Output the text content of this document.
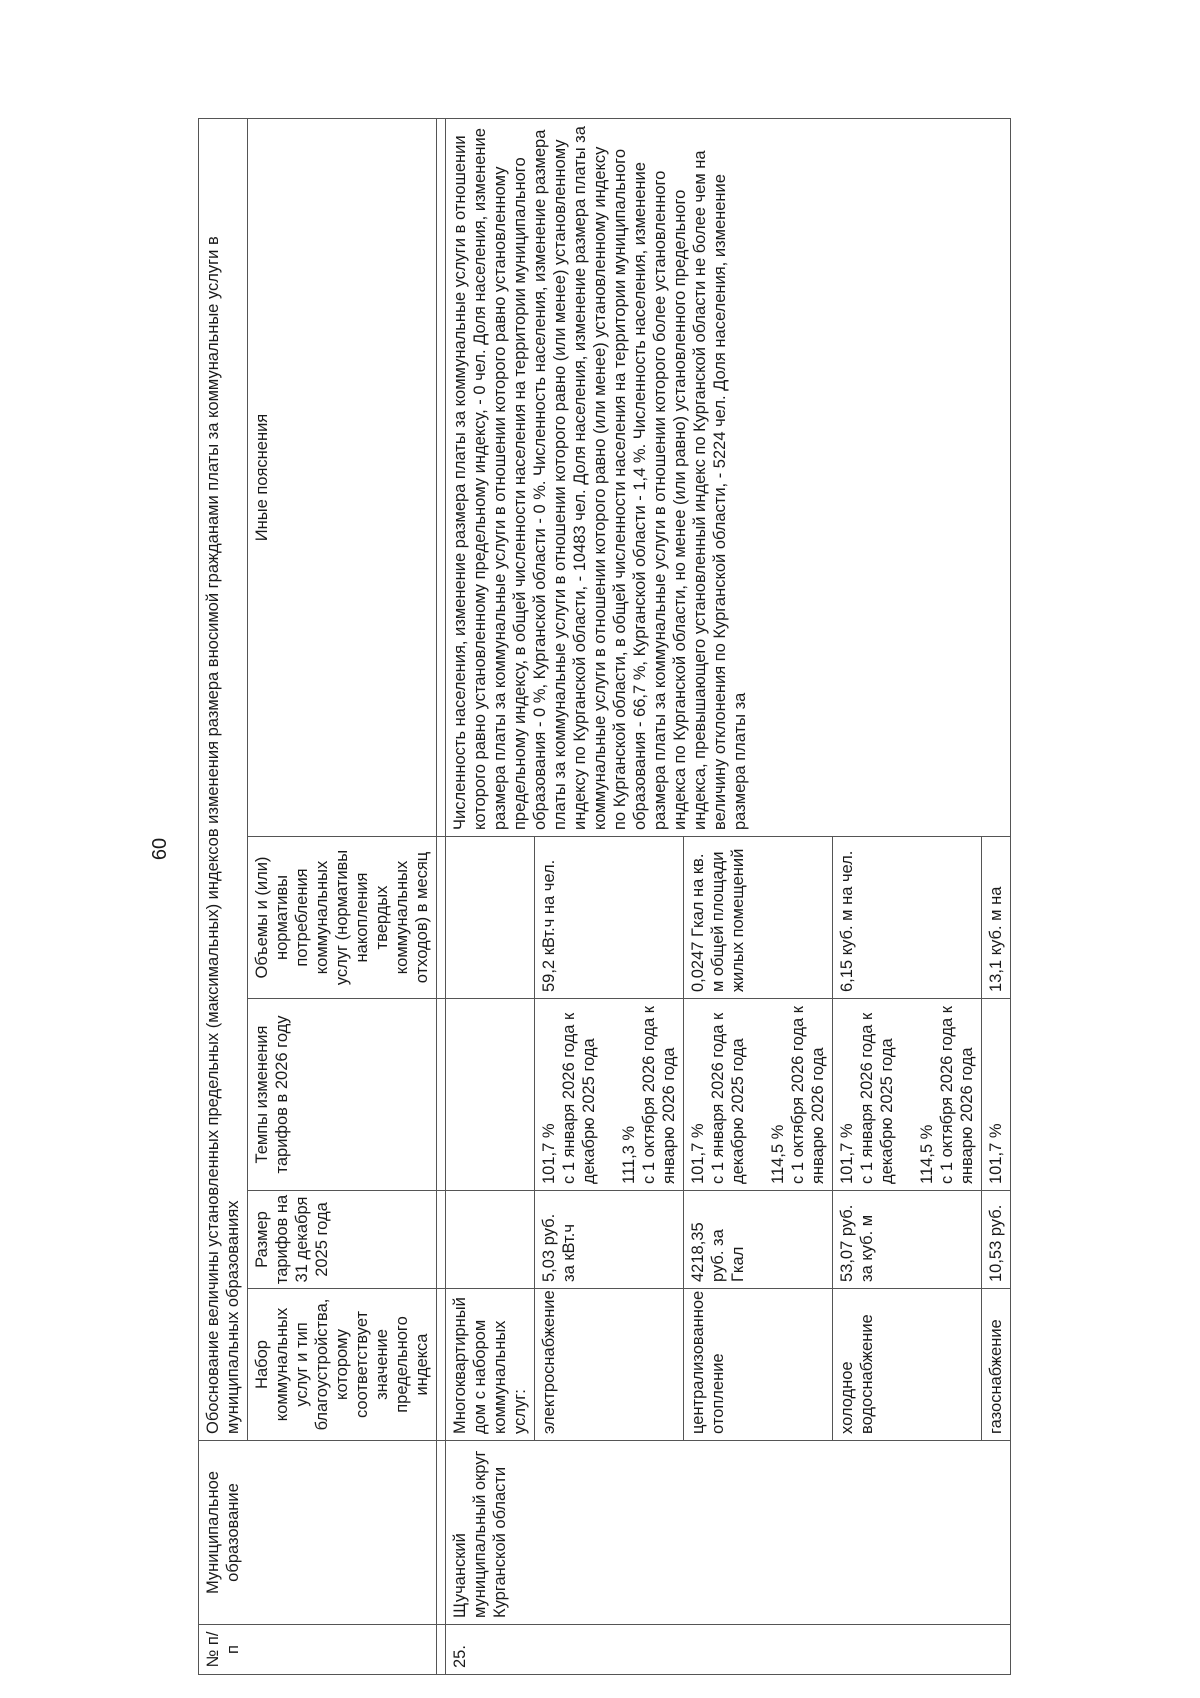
60
№ п/п	Муниципальное образование	Обоснование величины установленных предельных (максимальных) индексов изменения размера вносимой гражданами платы за коммунальные услуги в муниципальных образованиях				
		Набор коммунальных услуг и тип благоустройства, которому соответствует значение предельного индекса	Размер тарифов на 31 декабря 2025 года	Темпы изменения тарифов в 2026 году	Объемы и (или) нормативы потребления коммунальных услуг (нормативы накопления твердых коммунальных отходов) в месяц	Иные пояснения

25.	Щучанский муниципальный округ Курганской области	Многоквартирный дом с набором коммунальных услуг:				Численность населения, изменение размера платы за коммунальные услуги в отношении которого равно установленному предельному индексу, - 0 чел. Доля населения, изменение размера платы за коммунальные услуги в отношении которого равно установленному предельному индексу, в общей численности населения на территории муниципального образования - 0 %, Курганской области - 0 %. Численность населения, изменение размера платы за коммунальные услуги в отношении которого равно (или менее) установленному индексу по Курганской области, - 10483 чел. Доля населения, изменение размера платы за коммунальные услуги в отношении которого равно (или менее) установленному индексу по Курганской области, в общей численности населения на территории муниципального образования - 66,7 %, Курганской области - 1,4 %. Численность населения, изменение размера платы за коммунальные услуги в отношении которого более установленного индекса по Курганской области, но менее (или равно) установленного предельного индекса, превышающего установленный индекс по Курганской области не более чем на величину отклонения по Курганской области, - 5224 чел. Доля населения, изменение размера платы за
		электроснабжение	5,03 руб. за кВт.ч	101,7 % с 1 января 2026 года к декабрю 2025 года 111,3 % с 1 октября 2026 года к январю 2026 года	59,2 кВт.ч на чел.	
		централизованное отопление	4218,35 руб. за Гкал	101,7 % с 1 января 2026 года к декабрю 2025 года 114,5 % с 1 октября 2026 года к январю 2026 года	0,0247 Гкал на кв. м общей площади жилых помещений	
		холодное водоснабжение	53,07 руб. за куб. м	101,7 % с 1 января 2026 года к декабрю 2025 года 114,5 % с 1 октября 2026 года к январю 2026 года	6,15 куб. м на чел.	
		газоснабжение	10,53 руб.	101,7 %	13,1 куб. м на	
